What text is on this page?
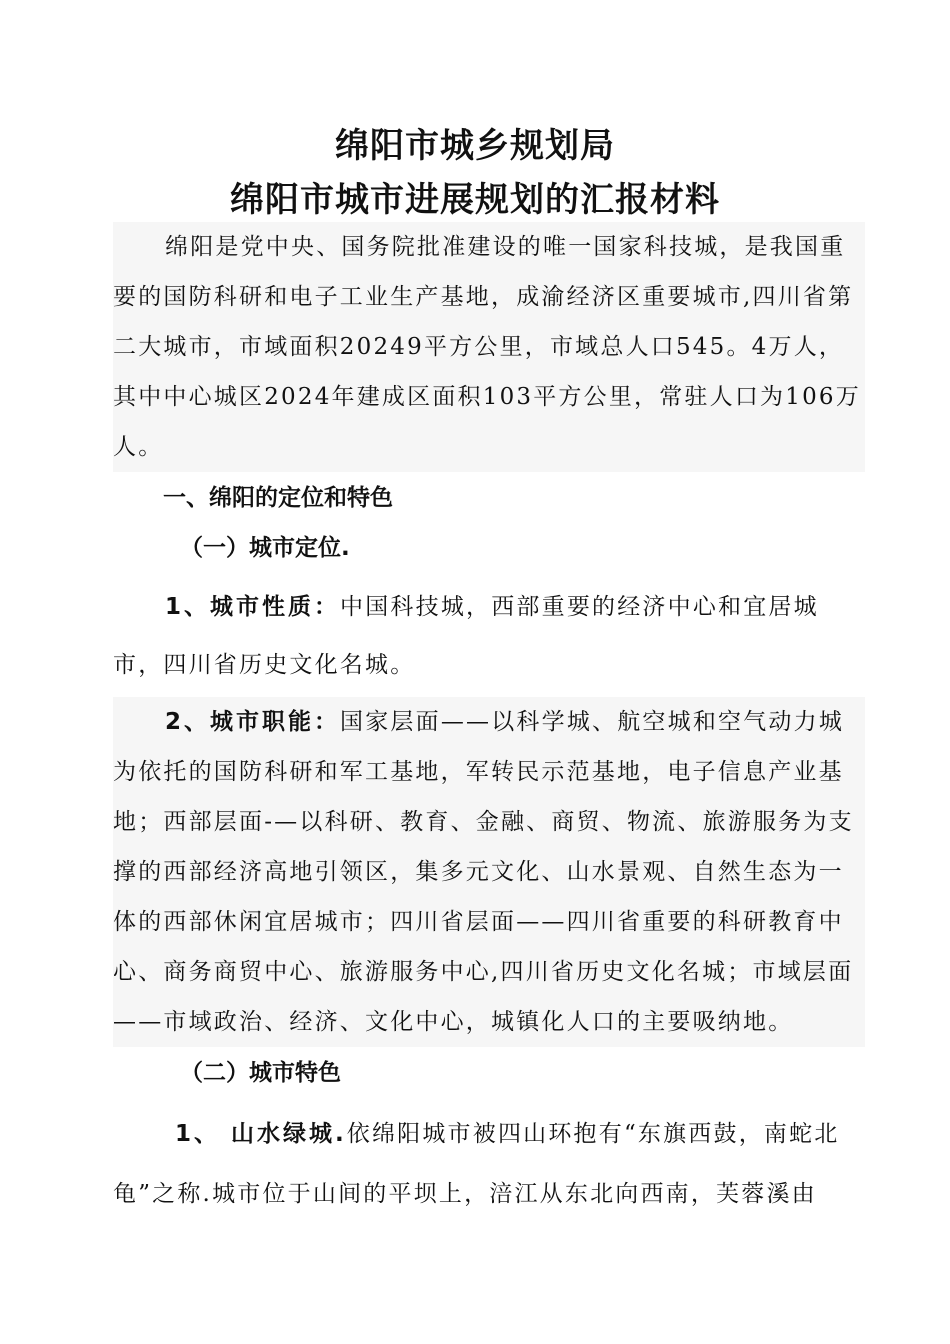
绵阳市城乡规划局
绵阳市城市进展规划的汇报材料

绵阳是党中央、国务院批准建设的唯一国家科技城，是我国重要的国防科研和电子工业生产基地，成渝经济区重要城市,四川省第二大城市，市域面积20249平方公里，市域总人口545。4万人，其中中心城区2024年建成区面积103平方公里，常驻人口为106万人。

一、绵阳的定位和特色
（一）城市定位.

1、城市性质：中国科技城，西部重要的经济中心和宜居城市，四川省历史文化名城。

2、城市职能：国家层面——以科学城、航空城和空气动力城为依托的国防科研和军工基地，军转民示范基地，电子信息产业基地；西部层面-—以科研、教育、金融、商贸、物流、旅游服务为支撑的西部经济高地引领区，集多元文化、山水景观、自然生态为一体的西部休闲宜居城市；四川省层面——四川省重要的科研教育中心、商务商贸中心、旅游服务中心,四川省历史文化名城；市域层面——市域政治、经济、文化中心，城镇化人口的主要吸纳地。

（二）城市特色

1、 山水绿城.依绵阳城市被四山环抱有“东旗西鼓，南蛇北龟”之称.城市位于山间的平坝上，涪江从东北向西南，芙蓉溪由
